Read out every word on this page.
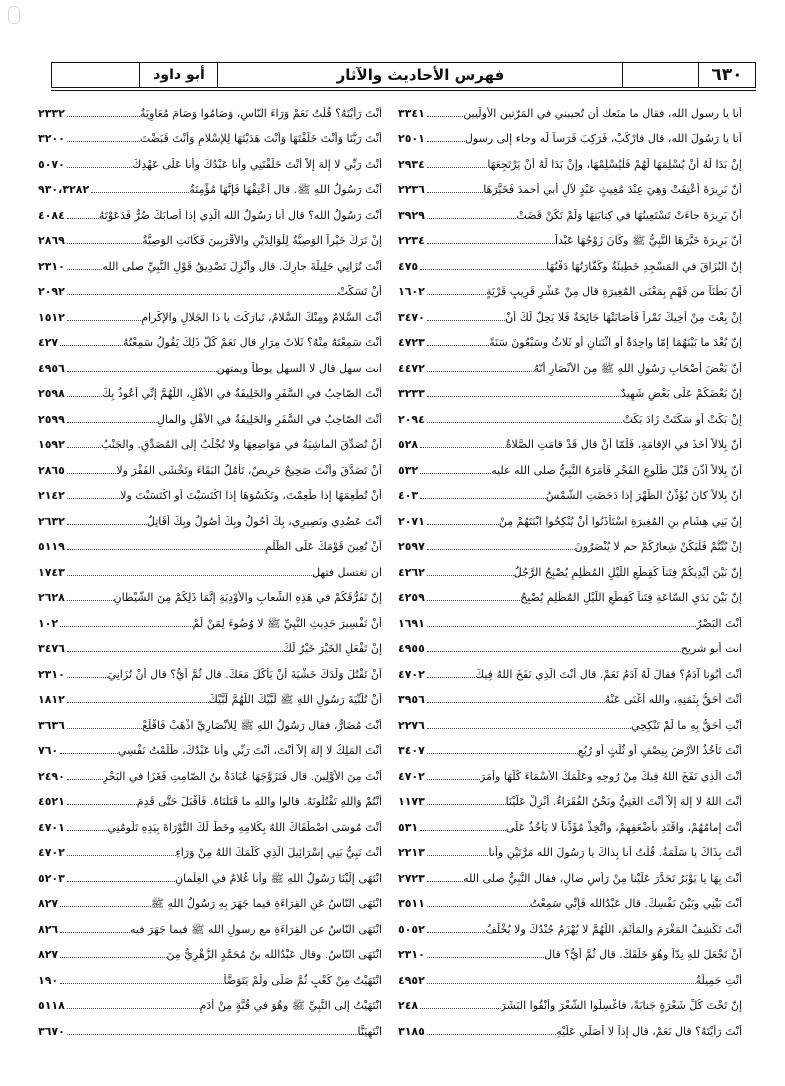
٦٣٠
فهرس الأحاديث والآثار
أبو داود
أنا يا رسول الله، فقال ما منَعك أن تُجيبني في المَرّتين الأُولَيين
٣٣٤١
أنا يا رَسُولَ الله، قال فارْكَبْ، فَرَكِبَ فَرَساً لَه وجاء إلى رسول
٢٥٠١
إنْ بَدَا لَهُ أَنْ يُسْلِمَهَا لَهُمْ فَلْيُسْلِمْهَا، وإنْ بَدَا لَهُ أَنْ يَرْتَجِعَهَا
٢٩٣٤
أنّ بَرِيرَةَ أُعْتِقَتْ وَهِيَ عِنْدَ مُغِيثٍ عَبْدٍ لآلِ أبي أحمدَ فَخَيَّرَهَا
٢٢٣٦
أنّ بَرِيرَةَ جاءَتْ تَسْتَعِينُهَا في كِتابَتِهَا وَلَمْ تَكُنْ قَضَتْ
٣٩٢٩
أنّ بَرِيرَةَ خَيَّرَهَا النَّبِيُّ ﷺ وكَانَ زَوْجُهَا عَبْداً
٢٢٣٤
إنّ البُزَاقَ في المَسْجِدِ خَطِيئَةٌ وكَفَّارَتُهَا دَفْنُهَا
٤٧٥
أنّ بَطْنَاً من فَهْمٍ بِمَعْنَى المُغِيرَةِ قال مِنْ عَشْرٍ قَرِيبٍ قَرْيَةٍ
١٦٠٢
إنْ بِعْتَ مِنْ أخِيكَ تَمْراً فَأَصَابَتْهَا جَائِحَةٌ فَلا يَحِلُّ لَكَ أَنْ
٣٤٧٠
إنّ بُعْدَ ما بَيْنَهُمَا إمّا واحِدَةٌ أو اثْنَتانِ أو ثَلاثٌ وسَبْعُونَ سَنَةً
٤٧٢٣
أنّ بَعْضَ أَصْحَابِ رَسُولِ اللهِ ﷺ مِنَ الأنْصَارِ أنّهُ
٤٤٧٢
إنّ بَعْضَكُمْ عَلَى بَعْضٍ شَهِيدٌ
٣٢٣٣
إنْ بَكَتْ أو سَكَتَتْ زَادَ بَكَتْ
٢٠٩٤
أنّ بِلالاً أخَذَ في الإقامَةِ، فَلَمّا أنْ قال قَدْ قامَتِ الصَّلاةُ
٥٢٨
أنّ بِلالاً أذَّنَ قَبْلَ طُلُوعِ الفَجْرِ فَأَمَرَهُ النَّبِيُّ صلى الله عليه
٥٣٢
أنّ بِلالاً كانَ يُؤَذِّنُ الظُّهْرَ إذا دَحَضَتِ الشَّمْسُ
٤٠٣
إنّ بَنِي هِشَامِ بنِ المُغِيرَةِ اسْتَأْذَنُوا أَنْ يُنْكِحُوا ابْنَتَهُمْ مِنْ
٢٠٧١
إنْ بُيِّتُّمْ فَلْيَكُنْ شِعارُكُمْ حم لا يُنْصَرُونَ
٢٥٩٧
إنّ بَيْنَ أيْدِيكُمْ فِتَناً كَقِطَعِ اللَّيْلِ المُظْلِمِ يُصْبِحُ الرَّجُلُ
٤٢٦٢
إنّ بَيْنَ يَدَيِ السّاعَةِ فِتَناً كَقِطَعِ اللَّيْلِ المُظْلِمِ يُصْبِحُ
٤٢٥٩
أَنْتَ البَصْرُ
١٦٩١
انت أبو شريح
٤٩٥٥
أَنْتَ أَبُونا آدَمُ؟ فقالَ لَهُ آدَمُ نَعَمْ. قال أَنْتَ الّذِي نَفَخَ اللهُ فِيكَ
٤٧٠٢
أَنْتَ أَحَقُّ بِثَمَنِهِ، والله أغْنَى عَنْهُ
٣٩٥٦
أَنْتِ أَحَقُّ بِهِ ما لَمْ تَنْكِحِي
٢٢٧٦
أَنْتَ تَأخُذُ الأرْضَ بِنِصْفٍ أو ثُلُثٍ أو رُبُعٍ
٣٤٠٧
أَنْتَ الّذِي نَفَخَ اللهُ فِيكَ مِنْ رُوحِهِ وعَلَّمَكَ الأسْمَاءَ كُلَّهَا وأَمَرَ
٤٧٠٢
أَنْتَ اللهُ لا إلهَ إلاّ أَنْتَ الغَنِيُّ ونَحْنُ الفُقَرَاءُ. أنْزِلْ عَلَيْنَا
١١٧٣
أَنْتَ إمامُهُمْ، واقْتَدِ بأَضْعَفِهِمْ، واتَّخِذْ مُؤَذِّناً لا يَأْخُذُ عَلَى
٥٣١
أَنْتَ بِذَاكَ يا سَلَمَةُ. قُلْتُ أنا بِذاكَ يا رَسُولَ الله مَرَّتَيْنِ وأنا
٢٢١٣
أَنْتَ بِهَا يا يَوْبَرُ تَحَدَّرَ عَلَيْنا مِنْ رَأْسِ ضالٍ، فقال النَّبِيُّ صلى الله
٢٧٢٣
أَنْتَ بَيْنِي وبَيْنَ نَفْسِكَ. قال عَبْدُالله فَإنِّي سَمِعْتُ
٣٥١١
أَنْتَ تَكْشِفُ المَغْرَمَ والمَأْثَمَ، اللّهُمَّ لا يُهْزَمُ جُنْدُكَ ولا يُخْلَفُ
٥٠٥٢
أَنْ تَجْعَلَ للهِ نِدّاً وهُوَ خَلَقَكَ. قال ثُمَّ أَيُّ؟ قال
٢٣١٠
أَنْتِ جَمِيلَةُ
٤٩٥٢
إنّ تَحْتَ كُلِّ شَعْرَةٍ جَنابَةً، فاغْسِلُوا الشَّعْرَ وأَنْقُوا البَشَرَ
٢٤٨
أَنْتَ رَأَيْتَهُ؟ قال نَعَمْ، قال إذاً لا أُصَلِّي عَلَيْهِ
٣١٨٥
أَنْتَ رَأَيْتَهُ؟ قُلْتُ نَعَمْ وَرَاءَ النّاسِ، وَصَامُوا وَصَامَ مُعَاوِيَةُ
٢٣٣٢
أَنْتَ رَبُّنَا وَأَنْتَ خَلَقْتَهَا وَأَنْتَ هَدَيْتَهَا لِلإسْلامِ وَأَنْتَ قَبَضْتَ
٣٢٠٠
أَنْتَ رَبِّي لا إلهَ إلاّ أَنْتَ خَلَقْتَنِي وأنا عَبْدُكَ وأنا عَلَى عَهْدِكَ
٥٠٧٠
أَنْتَ رَسُولُ اللهِ ﷺ. قال أعْتِقْهَا فَإنَّهَا مُؤْمِنَةٌ
٩٣٠،٣٢٨٢
أَنْتَ رَسُولُ الله؟ قال أنا رَسُولُ الله الّذِي إذا أصابَكَ ضُرٌّ فَدَعَوْتَهُ
٤٠٨٤
إنْ تَرَكَ خَيْراً الوَصِيَّةُ لِلْوَالِدَيْنِ والأَقْرَبِينَ فَكَانَتِ الوَصِيَّةُ
٢٨٦٩
أَنْتَ تُزَانِي حَلِيلَةَ جارِكَ. قال وأُنْزِلَ تَصْدِيقُ قَوْلِ النَّبِيِّ صلى الله
٢٣١٠
أنْ تَسَكَّتْ
٢٠٩٢
أَنْتَ السَّلامُ ومِنْكَ السَّلامُ، تَبارَكْتَ يا ذا الجَلالِ والإكْرامِ
١٥١٢
أَنْتَ سَمِعْتَهُ مِنْهُ؟ ثَلاثَ مِرَارٍ قال نَعَمْ كُلَّ ذَلِكَ يَقُولُ سَمِعْتُهُ
٤٢٧
انت سهل قال لا السهل يوطأ ويمتهن
٤٩٥٦
أَنْتَ الصّاحِبُ في السَّفَرِ والخَلِيفَةُ في الأَهْلِ، اللّهُمَّ إنِّي أعُوذُ بِكَ
٢٥٩٨
أَنْتَ الصّاحِبُ في السَّفَرِ والخَلِيفَةُ في الأَهْلِ والمالِ
٢٥٩٩
أَنْ تُصَدِّقَ الماشِيَةُ في مَوَاضِعِهَا ولا تُجْلَبُ إلى المُصَدِّقِ. والجَنْبُ
١٥٩٢
أَنْ تَصَدَّقَ وأَنْتَ صَحِيحٌ حَرِيصٌ، تَأْمُلُ البَقَاءَ وتَخْشَى الفَقْرَ ولا
٢٨٦٥
أَنْ تُطْعِمَهَا إذا طَعِمْتَ، وتَكْسُوَهَا إذا اكْتَسَيْتَ أو اكْتَسَبْتَ ولا
٢١٤٢
أَنْتَ عَضُدِي ونَصِيرِي، بِكَ أَحُولُ وبِكَ أَصُولُ وبِكَ أُقَاتِلُ
٢٦٣٢
أَنْ تُعِينَ قَوْمَكَ عَلَى الظُّلْمِ
٥١١٩
ان تغتسل فتهل
١٧٤٣
إنّ تَفَرُّقَكُمْ في هَذِهِ الشِّعابِ والأَوْدِيَةِ إنَّمَا ذَلِكُمْ مِنَ الشَّيْطانِ
٢٦٢٨
أَنْ تَفْسِيرَ حَدِيثِ النَّبِيِّ ﷺ لا وُضُوءَ لِمَنْ لَمْ
١٠٢
إنْ تَفْعَلِ الخَيْرَ خَيْرٌ لَكَ
٣٤٧٦
أَنْ تَقْتُلَ وَلَدَكَ خَشْيَةَ أَنْ يَأْكُلَ مَعَكَ. قال ثُمَّ أَيُّ؟ قال أَنْ تُزَانِيَ
٢٣١٠
أَنْ تُلَبِّيَةَ رَسُولِ اللهِ ﷺ لَبَّيْكَ اللّهُمَّ لَبَّيْكَ
١٨١٢
أَنْتَ مُضَارٌّ، فقال رَسُولُ اللهِ ﷺ لِلأَنْصَارِيِّ اذْهَبْ فَاقْلَعْ
٣٦٣٦
أَنْتَ المَلِكُ لا إلهَ إلاّ أَنْتَ، أَنْتَ رَبِّي وأنا عَبْدُكَ، ظَلَمْتُ نَفْسِي
٧٦٠
أَنْتَ مِنَ الأَوَّلِينَ. قال فَتَزَوَّجَهَا عُبَادَةُ بنُ الصّامِتِ فَغَزَا في البَحْرِ
٢٤٩٠
أَنْتُمْ وَاللهِ تَقْتُلُونَهُ. قالوا واللهِ ما قَتَلْنَاهُ. فَأَقْبَلَ حَتَّى قَدِمَ
٤٥٢١
أَنْتَ مُوسَى اصْطَفَاكَ اللهُ بِكَلامِهِ وخَطَّ لَكَ التَّوْرَاةَ بِيَدِهِ تَلُومُنِي
٤٧٠١
أَنْتَ نَبِيُّ بَنِي إسْرَائِيلَ الّذِي كَلَّمَكَ اللهُ مِنْ وَرَاءِ
٤٧٠٢
انْتَهَى إلَيْنَا رَسُولُ اللهِ ﷺ وأنا غُلامٌ في الغِلْمانِ
٥٢٠٣
انْتَهَى النّاسُ عَنِ القِرَاءَةِ فيما جَهَرَ بِهِ رَسُولُ اللهِ ﷺ
٨٢٧
انْتَهَى النّاسُ عن القِرَاءَةِ مع رسولِ الله ﷺ فيما جَهَرَ فيه
٨٢٦
انْتَهَى النّاسُ. وقال عَبْدُالله بنُ مُحَمَّدٍ الزُّهْرِيُّ مِنَ
٨٢٧
انْتَهَيْتُ مِنْ كَعْبٍ ثُمَّ صَلَّى ولَمْ يَتَوَضَّأْ
١٩٠
انْتَهَيْتُ إلى النَّبِيِّ ﷺ وهُوَ في قُبَّةٍ مِنْ أَدَمٍ
٥١١٨
انْتَهِيَنَّا
٣٦٧٠
